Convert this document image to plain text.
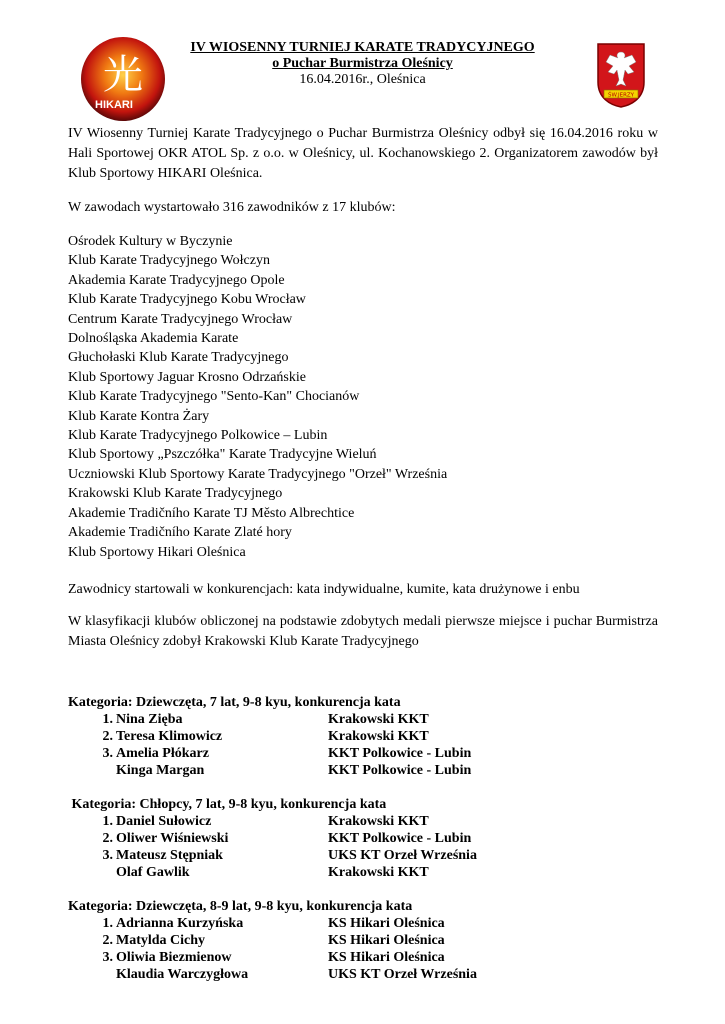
光
HIKARI
ŚW.JERZY
IV WIOSENNY TURNIEJ KARATE TRADYCYJNEGO
o Puchar Burmistrza Oleśnicy
16.04.2016r., Oleśnica

IV Wiosenny Turniej Karate Tradycyjnego o Puchar Burmistrza Oleśnicy odbył się 16.04.2016 roku w Hali Sportowej OKR ATOL Sp. z o.o. w Oleśnicy, ul. Kochanowskiego 2. Organizatorem zawodów był Klub Sportowy HIKARI Oleśnica.

W zawodach wystartowało 316 zawodników z 17 klubów:

Ośrodek Kultury w Byczynie
Klub Karate Tradycyjnego Wołczyn
Akademia Karate Tradycyjnego Opole
Klub Karate Tradycyjnego Kobu Wrocław
Centrum Karate Tradycyjnego Wrocław
Dolnośląska Akademia Karate
Głuchołaski Klub Karate Tradycyjnego
Klub Sportowy Jaguar Krosno Odrzańskie
Klub Karate Tradycyjnego "Sento-Kan" Chocianów
Klub Karate Kontra Żary
Klub Karate Tradycyjnego Polkowice – Lubin
Klub Sportowy „Pszczółka" Karate Tradycyjne Wieluń
Uczniowski Klub Sportowy Karate Tradycyjnego "Orzeł" Września
Krakowski Klub Karate Tradycyjnego
Akademie Tradičního Karate TJ Město Albrechtice
Akademie Tradičního Karate Zlaté hory
Klub Sportowy Hikari Oleśnica

Zawodnicy startowali w konkurencjach: kata indywidualne, kumite, kata drużynowe i enbu

W klasyfikacji klubów obliczonej na podstawie zdobytych medali pierwsze miejsce i puchar Burmistrza Miasta Oleśnicy zdobył Krakowski Klub Karate Tradycyjnego

Kategoria: Dziewczęta, 7 lat, 9-8 kyu, konkurencja kata
1. Nina Zięba	Krakowski KKT
2. Teresa Klimowicz	Krakowski KKT
3. Amelia Płókarz	KKT Polkowice - Lubin
Kinga Margan	KKT Polkowice - Lubin
Kategoria: Chłopcy, 7 lat, 9-8 kyu, konkurencja kata
1. Daniel Sułowicz	Krakowski KKT
2. Oliwer Wiśniewski	KKT Polkowice - Lubin
3. Mateusz Stępniak	UKS KT Orzeł Września
Olaf Gawlik	Krakowski KKT
Kategoria: Dziewczęta, 8-9 lat, 9-8 kyu, konkurencja kata
1. Adrianna Kurzyńska	KS Hikari Oleśnica
2. Matylda Cichy	KS Hikari Oleśnica
3. Oliwia Biezmienow	KS Hikari Oleśnica
Klaudia Warczygłowa	UKS KT Orzeł Września
